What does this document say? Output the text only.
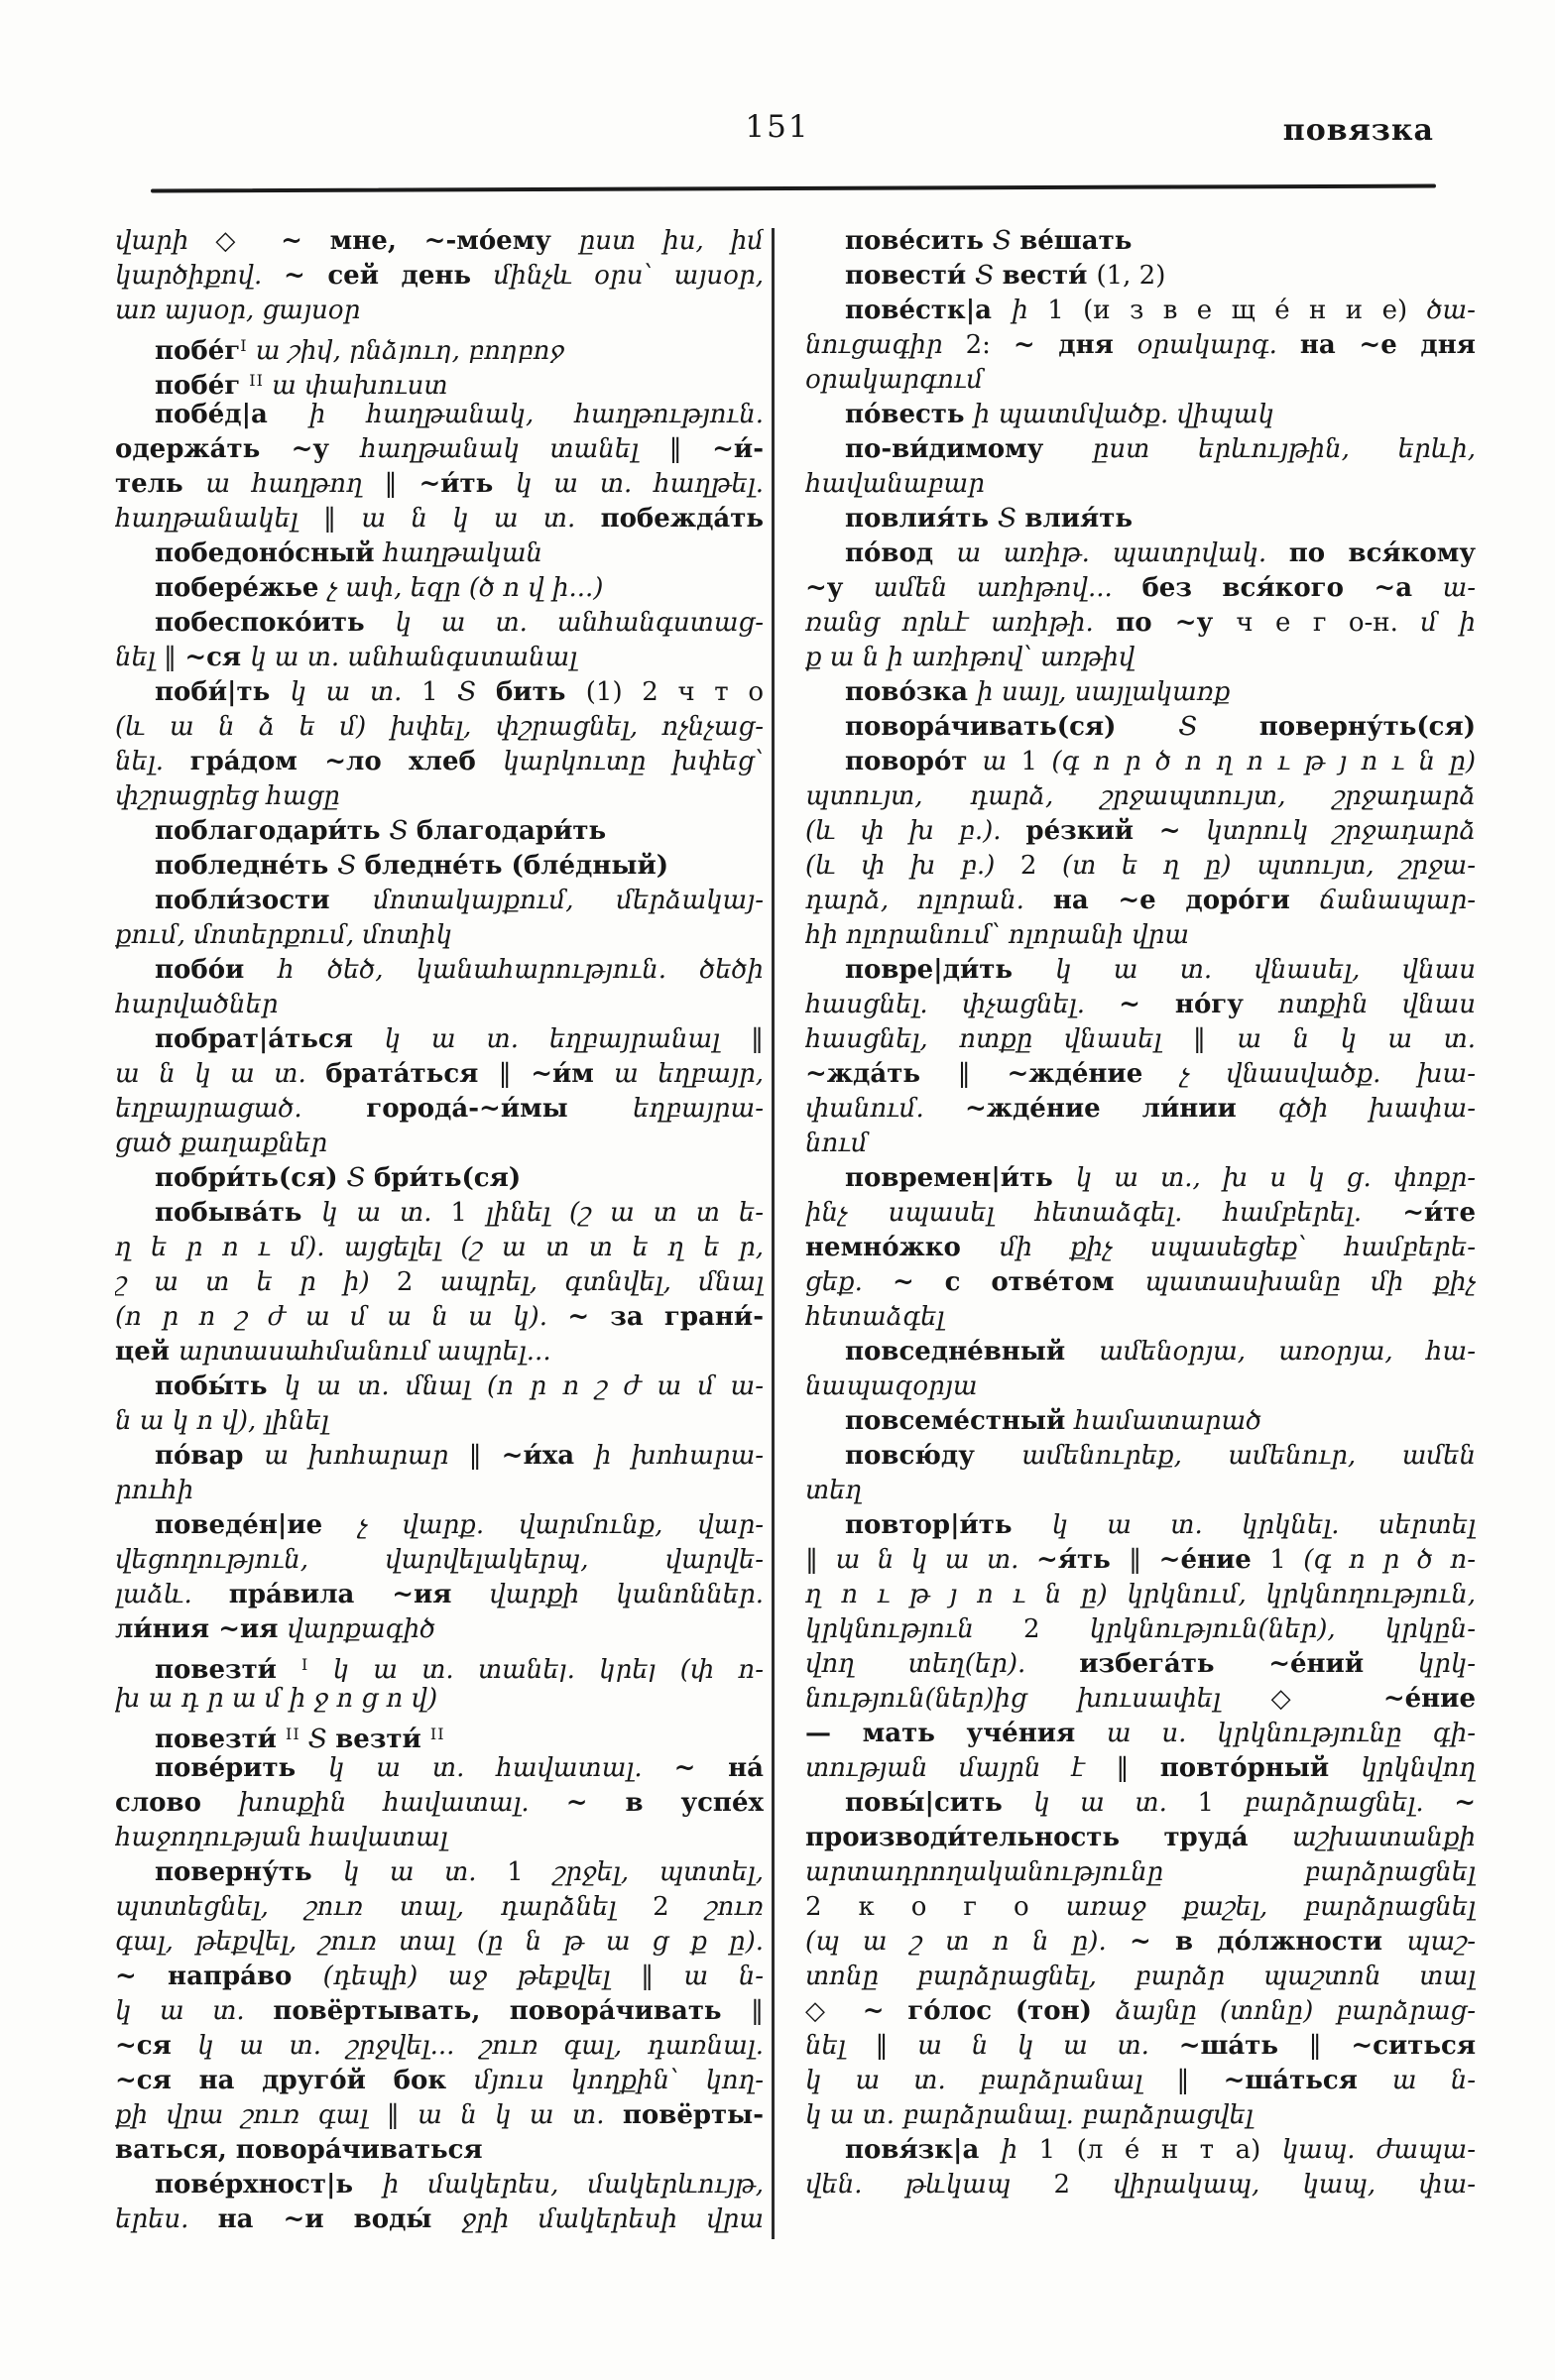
151	повязка
վարի ◇ ~ мне, ~-мо́ему ըստ իս, իմ
կարծիքով. ~ сей день մինչև օրս՝ այսօր,
առ այսօր, ցայսօր
$побе́г^I$ ա շիվ, ընձյուղ, բողբոջ
побе́г $^{II}$ ա փախուստ
побе́д|а ի հաղթանակ, հաղթություն.
одержа́ть ~у հաղթանակ տանել ‖ ~и́-
тель ա հաղթող ‖ ~и́ть կ ա տ. հաղթել.
հաղթանակել ‖ ա ն կ ա տ. побежда́ть
победоно́сный հաղթական
побере́жье չ ափ, եզր (ծ ո վ ի...)
побеспоко́ить կ ա տ. անհանգստաց-
նել ‖ ~ся կ ա տ. անհանգստանալ
поби́|ть կ ա տ. 1 Տ бить (1) 2 ч т о
(և ա ն ձ ե մ) խփել, փշրացնել, ոչնչաց-
նել. гра́дом ~ло хлеб կարկուտը խփեց՝
փշրացրեց հացը
поблагодари́ть Տ благодари́ть
побледне́ть Տ бледне́ть (бле́дный)
побли́зости մոտակայքում, մերձակայ-
քում, մոտերքում, մոտիկ
побо́и հ ծեծ, կանահարություն. ծեծի
հարվածներ
побрат|а́ться կ ա տ. եղբայրանալ ‖
ա ն կ ա տ. брата́ться ‖ ~и́м ա եղբայր,
եղբայրացած. города́-~и́мы եղբայրա-
ցած քաղաքներ
побри́ть(ся) Տ бри́ть(ся)
побыва́ть կ ա տ. 1 լինել (շ ա տ տ ե-
ղ ե ր ո ւ մ). այցելել (շ ա տ տ ե ղ ե ր,
շ ա տ ե ր ի) 2 ապրել, գտնվել, մնալ
(ո ր ո շ ժ ա մ ա ն ա կ). ~ за грани́-
цей արտասահմանում ապրել...
побы́ть կ ա տ. մնալ (ո ր ո շ ժ ա մ ա-
ն ա կ ո վ), լինել
по́вар ա խոհարար ‖ ~и́ха ի խոհարա-
րուհի
поведе́н|ие չ վարք. վարմունք, վար-
վեցողություն, վարվելակերպ, վարվե-
լաձև. пра́вила ~ия վարքի կանոններ.
ли́ния ~ия վարքագիծ
повезти́ $^I$ կ ա տ. տանել. կրել (փ ո-
խ ա դ ր ա մ ի ջ ո ց ո վ)
повезти́ $^{II}$ Տ везти́ $^{II}$
пове́рить կ ա տ. հավատալ. ~ на́
слово խոսքին հավատալ. ~ в успе́х
հաջողության հավատալ
поверну́ть կ ա տ. 1 շրջել, պտտել,
պտտեցնել, շուռ տալ, դարձնել 2 շուռ
գալ, թեքվել, շուռ տալ (ը ն թ ա ց ք ը).
~ напра́во (դեպի) աջ թեքվել ‖ ա ն-
կ ա տ. повёртывать, повора́чивать ‖
~ся կ ա տ. շրջվել... շուռ գալ, դառնալ.
~ся на друго́й бок մյուս կողքին՝ կող-
քի վրա շուռ գալ ‖ ա ն կ ա տ. повёрты-
ваться, повора́чиваться
пове́рхност|ь ի մակերես, մակերևույթ,
երես. на ~и воды́ ջրի մակերեսի վրա
пове́сить Տ ве́шать
повести́ Տ вести́ (1, 2)
пове́стк|а ի 1 (и з в е щ е́ н и е) ծա-
նուցագիր 2: ~ дня օրակարգ. на ~е дня
օրակարգում
по́весть ի պատմվածք. վիպակ
по-ви́димому ըստ երևույթին, երևի,
հավանաբար
повлия́ть Տ влия́ть
по́вод ա առիթ. պատրվակ. по вся́кому
~у ամեն առիթով... без вся́кого ~а ա-
ռանց որևէ առիթի. по ~у ч е г о-н. մ ի
ք ա ն ի առիթով՝ առթիվ
пово́зка ի սայլ, սայլակառք
повора́чивать(ся) Տ поверну́ть(ся)
поворо́т ա 1 (գ ո ր ծ ո ղ ո ւ թ յ ո ւ ն ը)
պտույտ, դարձ, շրջապտույտ, շրջադարձ
(և փ խ բ.). ре́зкий ~ կտրուկ շրջադարձ
(և փ խ բ.) 2 (տ ե ղ ը) պտույտ, շրջա-
դարձ, ոլորան. на ~е доро́ги ճանապար-
հի ոլորանում՝ ոլորանի վրա
повре|ди́ть կ ա տ. վնասել, վնաս
հասցնել. փչացնել. ~ но́гу ոտքին վնաս
հասցնել, ոտքը վնասել ‖ ա ն կ ա տ.
~жда́ть ‖ ~жде́ние չ վնասվածք. խա-
փանում. ~жде́ние ли́нии գծի խափա-
նում
повремен|и́ть կ ա տ., խ ս կ ց. փոքր-
ինչ սպասել հետաձգել. համբերել. ~и́те
немно́жко մի քիչ սպասեցեք՝ համբերե-
ցեք. ~ с отве́том պատասխանը մի քիչ
հետաձգել
повседне́вный ամենօրյա, առօրյա, հա-
նապազօրյա
повсеме́стный համատարած
повсю́ду ամենուրեք, ամենուր, ամեն
տեղ
повтор|и́ть կ ա տ. կրկնել. սերտել
‖ ա ն կ ա տ. ~я́ть ‖ ~е́ние 1 (գ ո ր ծ ո-
ղ ո ւ թ յ ո ւ ն ը) կրկնում, կրկնողություն,
կրկնություն 2 կրկնություն(ներ), կրկըն-
վող տեղ(եր). избега́ть ~е́ний կրկ-
նություն(ներ)ից խուսափել ◇ ~е́ние
— мать уче́ния ա ս. կրկնությունը գի-
տության մայրն է ‖ повто́рный կրկնվող
повы́|сить կ ա տ. 1 բարձրացնել. ~
производи́тельность труда́ աշխատանքի
արտադրողականությունը բարձրացնել
2 к о г о առաջ քաշել, բարձրացնել
(պ ա շ տ ո ն ը). ~ в до́лжности պաշ-
տոնը բարձրացնել, բարձր պաշտոն տալ
◇ ~ го́лос (тон) ձայնը (տոնը) բարձրաց-
նել ‖ ա ն կ ա տ. ~ша́ть ‖ ~ситься
կ ա տ. բարձրանալ ‖ ~ша́ться ա ն-
կ ա տ. բարձրանալ. բարձրացվել
повя́зк|а ի 1 (л е́ н т а) կապ. ժապա-
վեն. թևկապ 2 վիրակապ, կապ, փա-
